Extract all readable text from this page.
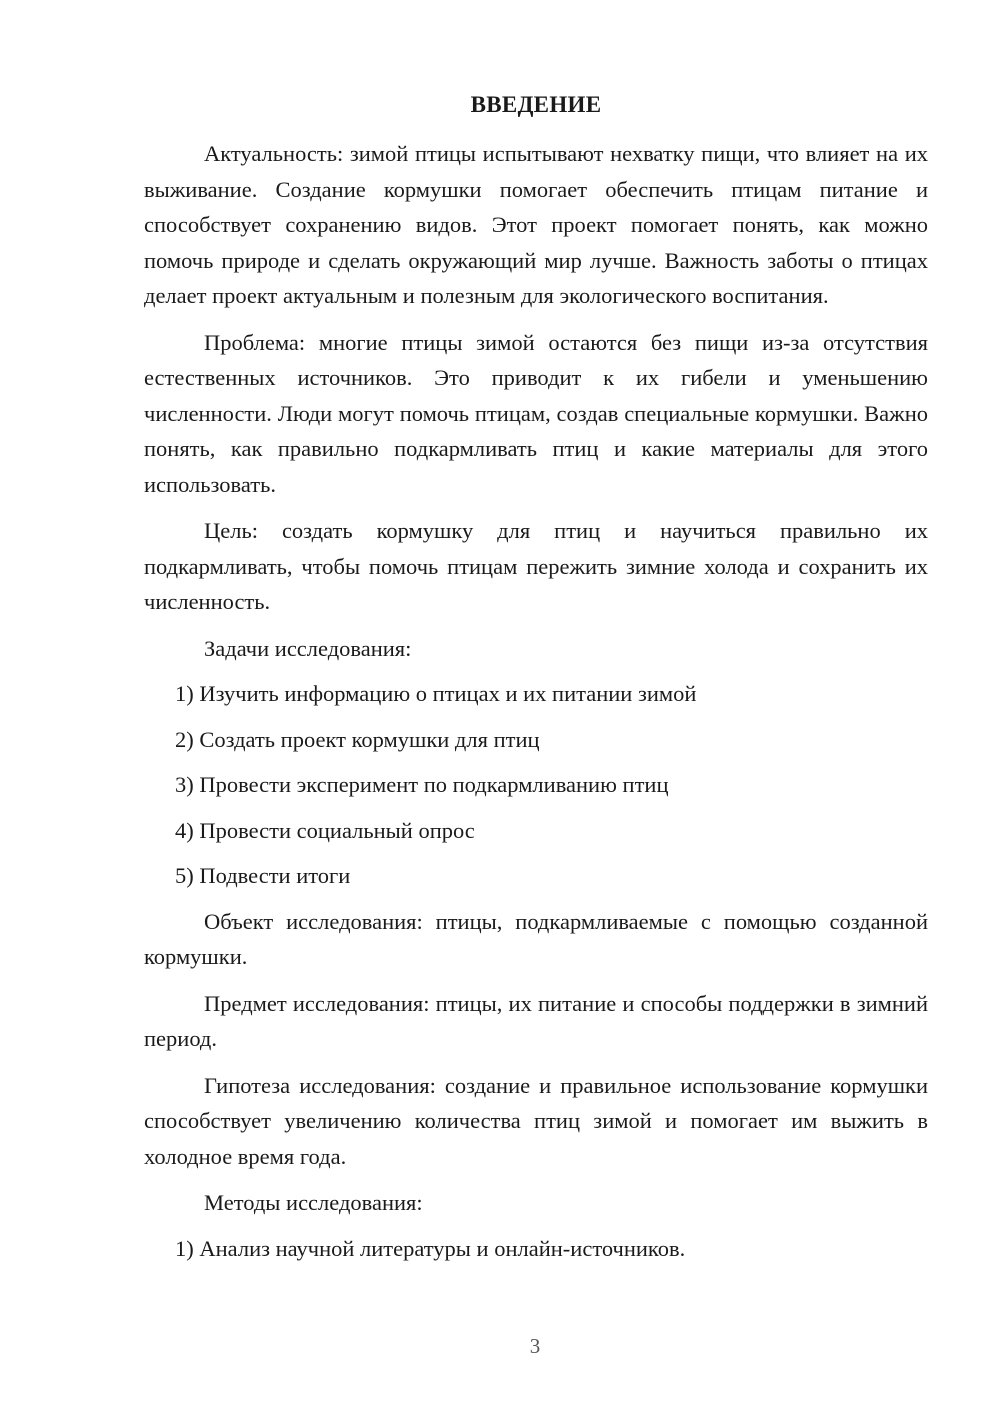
ВВЕДЕНИЕ

Актуальность: зимой птицы испытывают нехватку пищи, что влияет на их выживание. Создание кормушки помогает обеспечить птицам питание и способствует сохранению видов. Этот проект помогает понять, как можно помочь природе и сделать окружающий мир лучше. Важность заботы о птицах делает проект актуальным и полезным для экологического воспитания.

Проблема: многие птицы зимой остаются без пищи из-за отсутствия естественных источников. Это приводит к их гибели и уменьшению численности. Люди могут помочь птицам, создав специальные кормушки. Важно понять, как правильно подкармливать птиц и какие материалы для этого использовать.

Цель: создать кормушку для птиц и научиться правильно их подкармливать, чтобы помочь птицам пережить зимние холода и сохранить их численность.

Задачи исследования:

1) Изучить информацию о птицах и их питании зимой
2) Создать проект кормушки для птиц
3) Провести эксперимент по подкармливанию птиц
4) Провести социальный опрос
5) Подвести итоги

Объект исследования: птицы, подкармливаемые с помощью созданной кормушки.

Предмет исследования: птицы, их питание и способы поддержки в зимний период.

Гипотеза исследования: создание и правильное использование кормушки способствует увеличению количества птиц зимой и помогает им выжить в холодное время года.

Методы исследования:

1) Анализ научной литературы и онлайн-источников.
3
